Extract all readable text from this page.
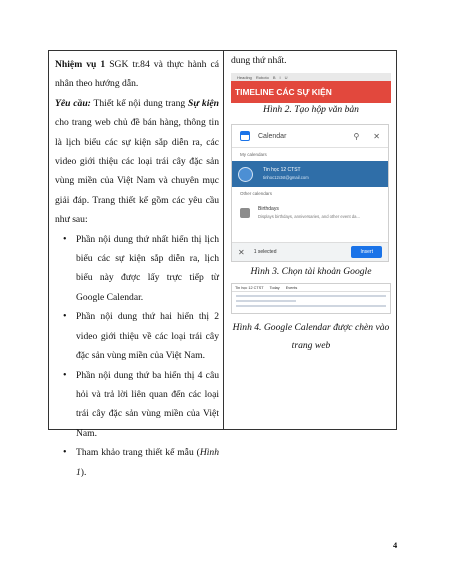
Nhiệm vụ 1 SGK tr.84 và thực hành cá nhân theo hướng dẫn.

Yêu cầu: Thiết kế nội dung trang Sự kiện cho trang web chủ đề bán hàng, thông tin là lịch biểu các sự kiện sắp diễn ra, các video giới thiệu các loại trái cây đặc sản vùng miền của Việt Nam và chuyên mục giải đáp. Trang thiết kế gồm các yêu cầu như sau:

• Phần nội dung thứ nhất hiển thị lịch biểu các sự kiện sắp diễn ra, lịch biểu này được lấy trực tiếp từ Google Calendar.
• Phần nội dung thứ hai hiển thị 2 video giới thiệu về các loại trái cây đặc sản vùng miền của Việt Nam.
• Phần nội dung thứ ba hiển thị 4 câu hỏi và trả lời liên quan đến các loại trái cây đặc sản vùng miền của Việt Nam.
• Tham khảo trang thiết kế mẫu (Hình 1).
dung thứ nhất.
Heading Roboto B I U
TIMELINE CÁC SỰ KIỆN
Hình 2. Tạo hộp văn bản
Calendar	⚲ ✕
My calendars
Tin học 12 CTST
tinhoc12ctst@gmail.com
Other calendars
Birthdays
Displays birthdays, anniversaries, and other event da...
✕ 1 selected	Insert
Hình 3. Chọn tài khoản Google
Tin học 12 CTST Today Events
Hình 4. Google Calendar được chèn vào trang web
4
